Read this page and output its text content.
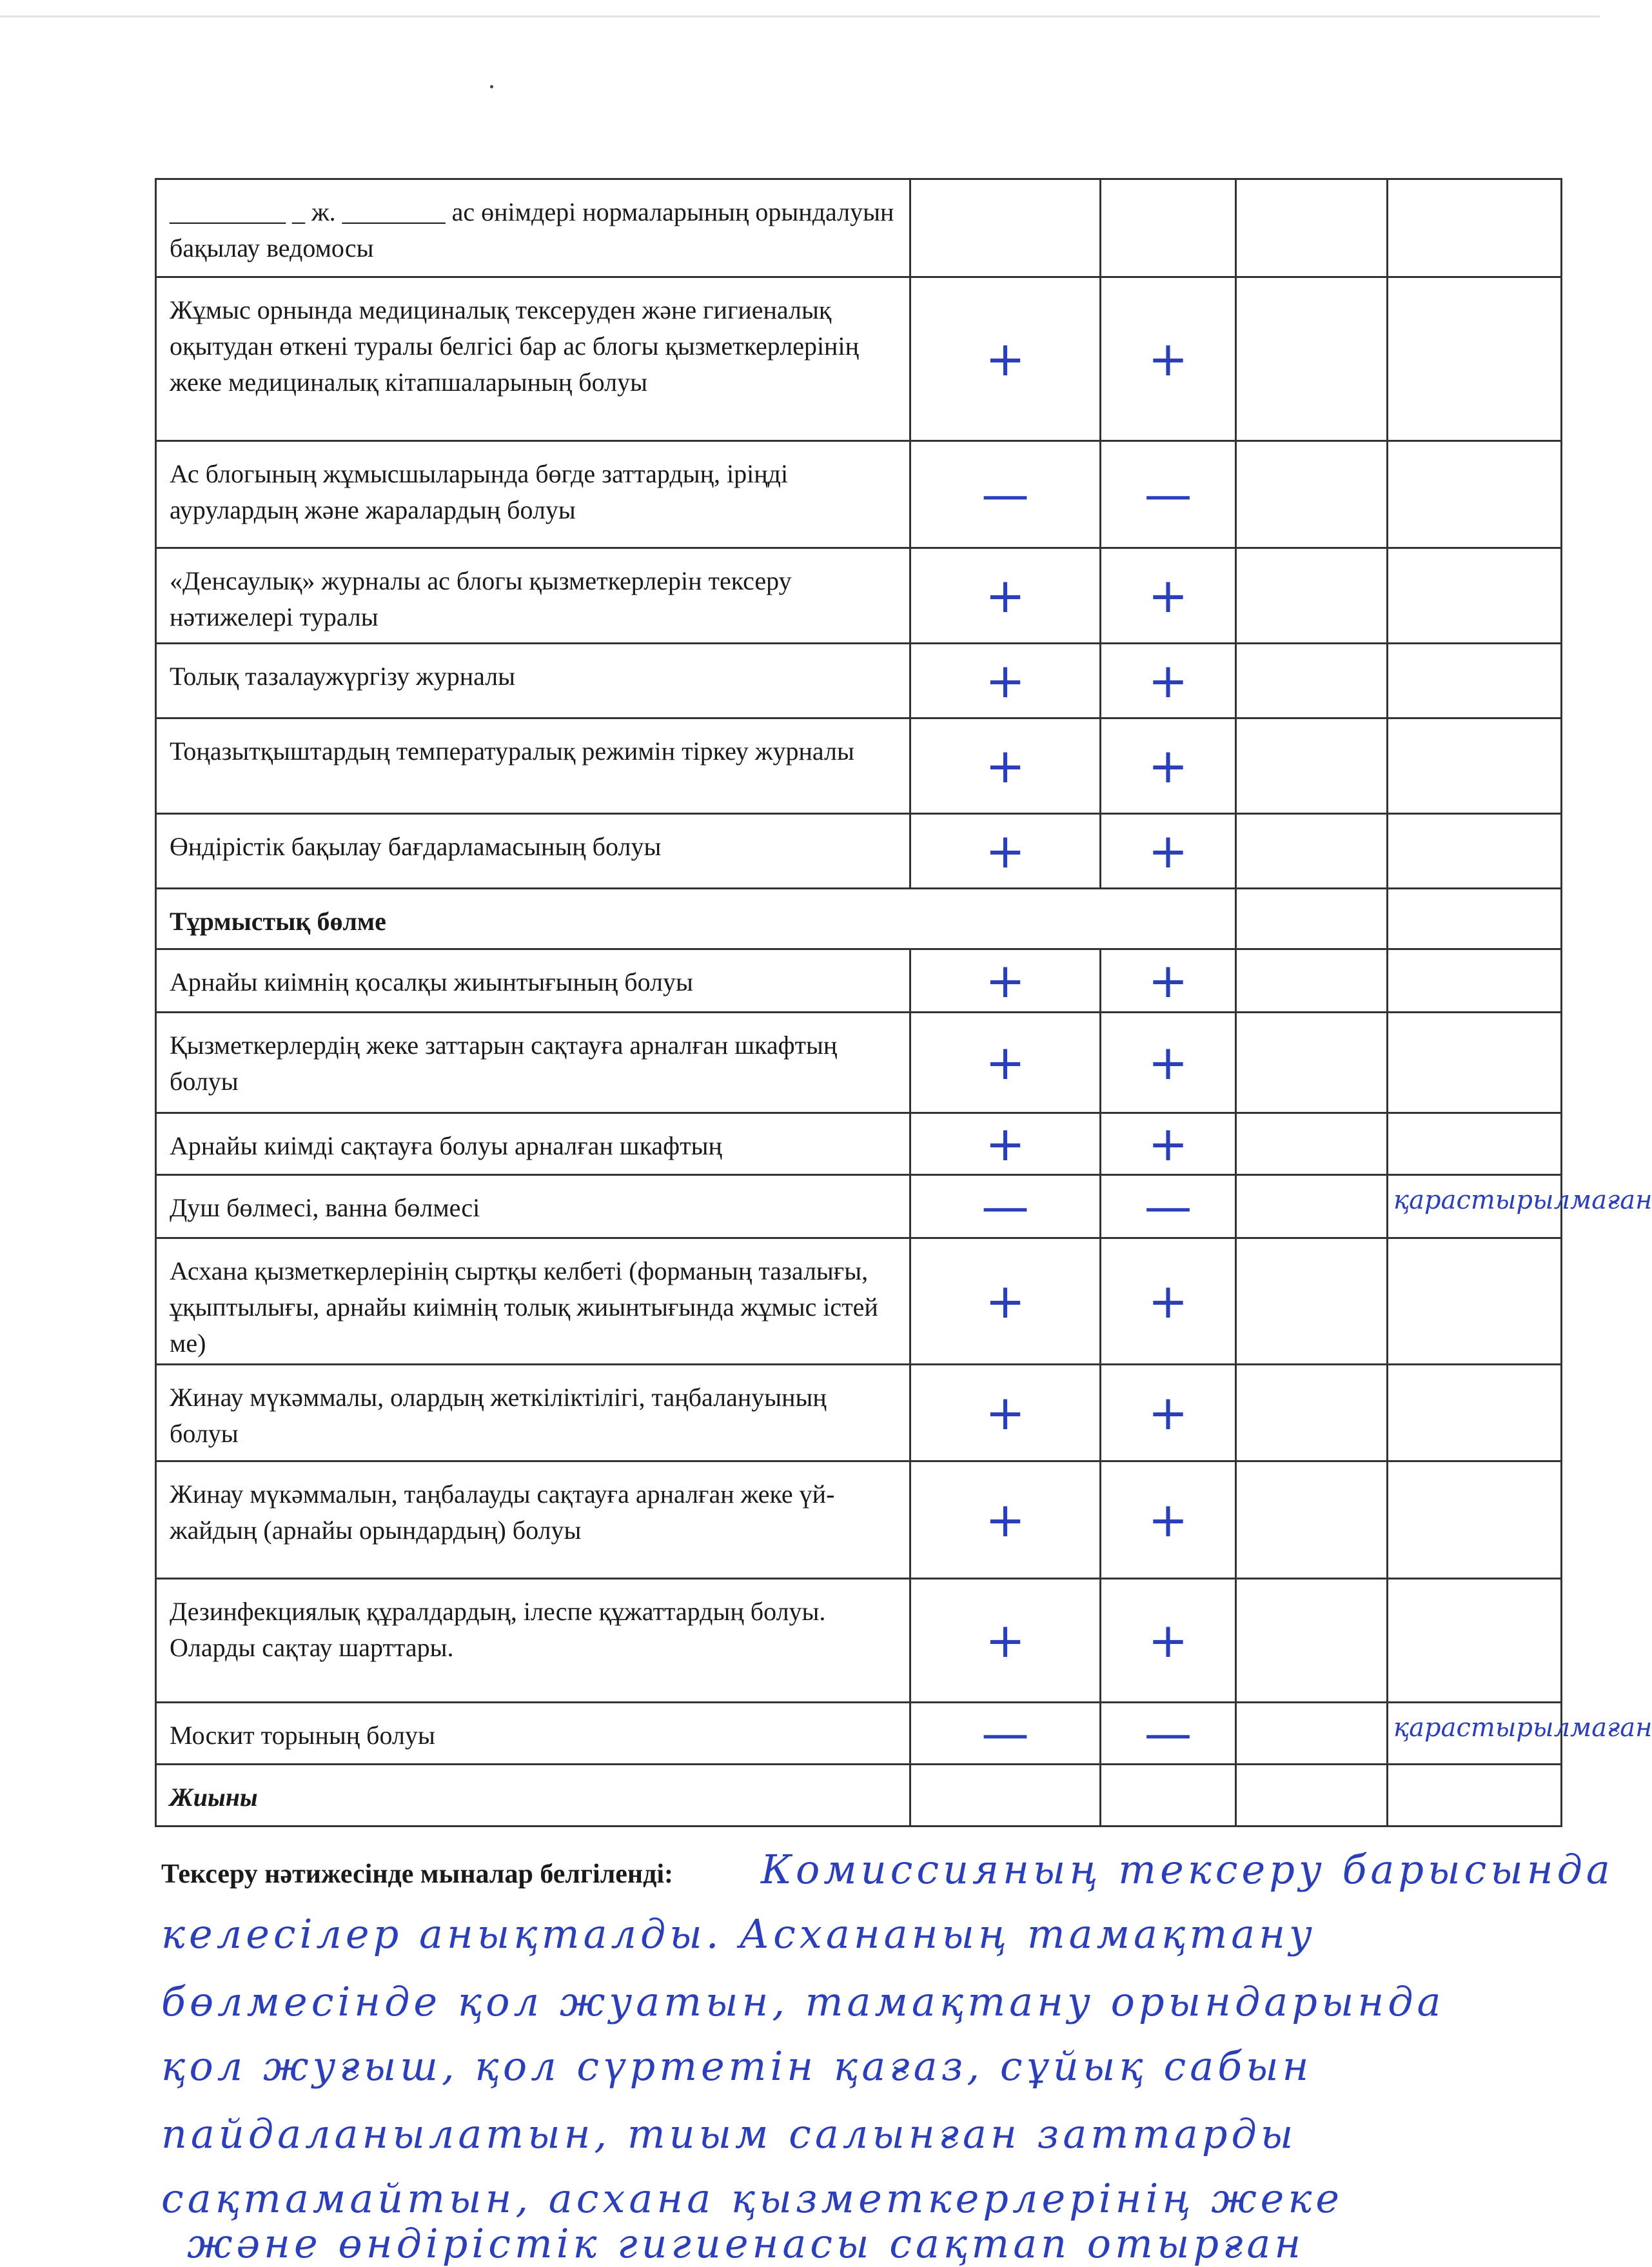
_________ _ ж. ________ ас өнімдері нормаларының орындалуын бақылау ведомосы				
Жұмыс орнында медициналық тексеруден және гигиеналық оқытудан өткені туралы белгісі бар ас блогы қызметкерлерінің жеке медициналық кітапшаларының болуы	+	+		
Ас блогының жұмысшыларында бөгде заттардың, іріңді аурулардың және жаралардың болуы	—	—		
«Денсаулық» журналы ас блогы қызметкерлерін тексеру нәтижелері туралы	+	+		
Толық тазалаужүргізу журналы	+	+		
Тоңазытқыштардың температуралық режимін тіркеу журналы	+	+		
Өндірістік бақылау бағдарламасының болуы	+	+		
Тұрмыстық бөлме				
Арнайы киімнің қосалқы жиынтығының болуы	+	+		
Қызметкерлердің жеке заттарын сақтауға арналған шкафтың болуы	+	+		
Арнайы киімді сақтауға болуы арналған шкафтың	+	+		
Душ бөлмесі, ванна бөлмесі	—	—		қарастырылмаған
Асхана қызметкерлерінің сыртқы келбеті (форманың тазалығы, ұқыптылығы, арнайы киімнің толық жиынтығында жұмыс істей ме)	+	+		
Жинау мүкәммалы, олардың жеткіліктілігі, таңбалануының болуы	+	+		
Жинау мүкәммалын, таңбалауды сақтауға арналған жеке үй-жайдың (арнайы орындардың) болуы	+	+		
Дезинфекциялық құралдардың, ілеспе құжаттардың болуы. Оларды сақтау шарттары.	+	+		
Москит торының болуы	—	—		қарастырылмаған
Жиыны				
Тексеру нәтижесінде мыналар белгіленді: Комиссияның тексеру барысында
келесілер анықталды. Асхананың тамақтану
бөлмесінде қол жуатын, тамақтану орындарында
қол жуғыш, қол сүртетін қағаз, сұйық сабын
пайдаланылатын, тиым салынған заттарды
сақтамайтын, асхана қызметкерлерінің жеке
және өндірістік гигиенасы сақтап отырған
